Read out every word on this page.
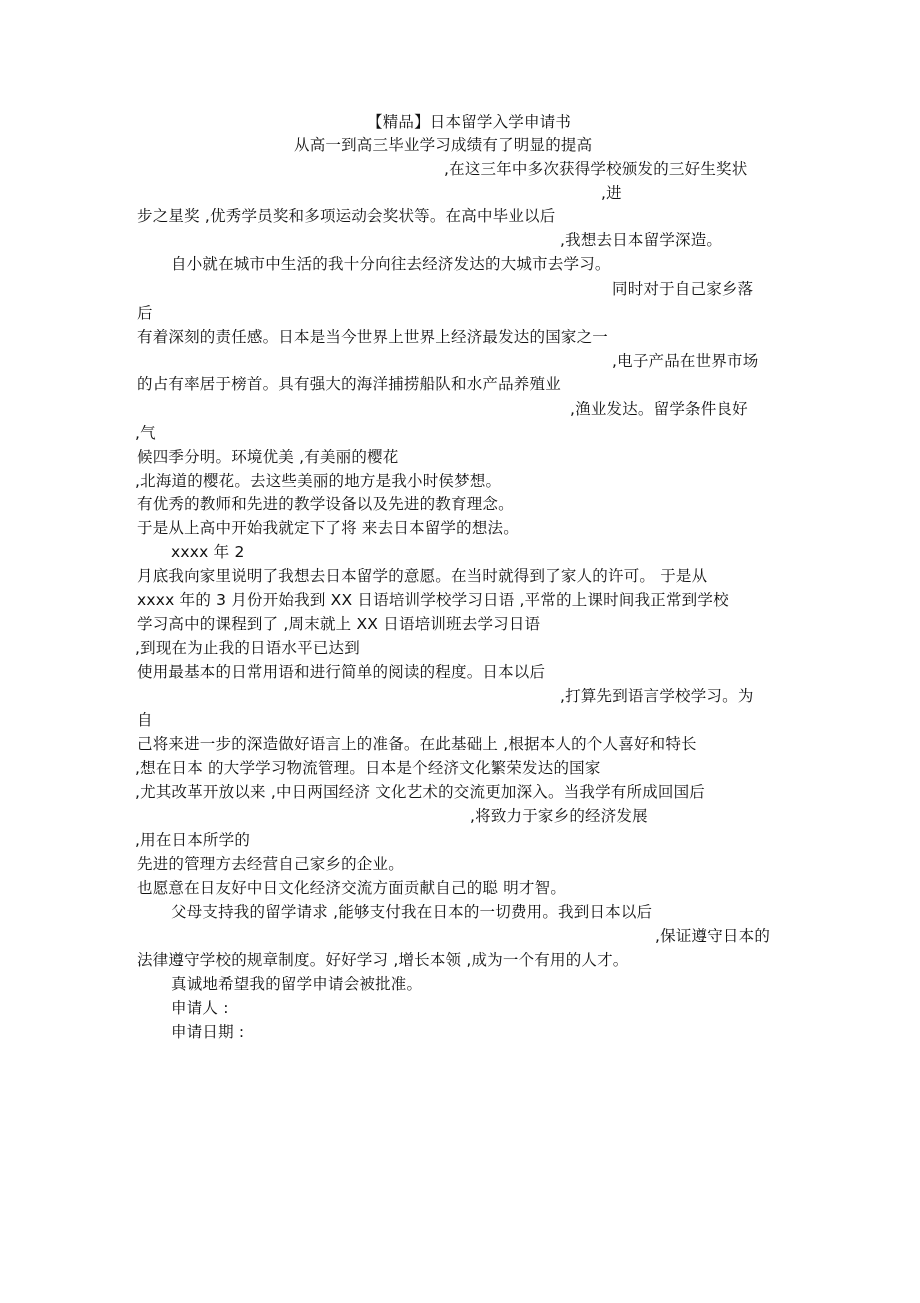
【精品】日本留学入学申请书
从高一到高三毕业学习成绩有了明显的提高
,在这三年中多次获得学校颁发的三好生奖状
,进
步之星奖 ,优秀学员奖和多项运动会奖状等。在高中毕业以后
,我想去日本留学深造。
自小就在城市中生活的我十分向往去经济发达的大城市去学习。
同时对于自己家乡落
后
有着深刻的责任感。日本是当今世界上世界上经济最发达的国家之一
,电子产品在世界市场
的占有率居于榜首。具有强大的海洋捕捞船队和水产品养殖业
,渔业发达。留学条件良好
,气
候四季分明。环境优美 ,有美丽的樱花
,北海道的樱花。去这些美丽的地方是我小时侯梦想。
有优秀的教师和先进的教学设备以及先进的教育理念。
于是从上高中开始我就定下了将 来去日本留学的想法。
xxxx 年 2
月底我向家里说明了我想去日本留学的意愿。在当时就得到了家人的许可。 于是从
xxxx 年的 3 月份开始我到 XX 日语培训学校学习日语 ,平常的上课时间我正常到学校
学习高中的课程到了 ,周末就上 XX 日语培训班去学习日语
,到现在为止我的日语水平已达到
使用最基本的日常用语和进行简单的阅读的程度。日本以后
,打算先到语言学校学习。为
自
己将来进一步的深造做好语言上的准备。在此基础上 ,根据本人的个人喜好和特长
,想在日本 的大学学习物流管理。日本是个经济文化繁荣发达的国家
,尤其改革开放以来 ,中日两国经济 文化艺术的交流更加深入。当我学有所成回国后
,将致力于家乡的经济发展
,用在日本所学的
先进的管理方去经营自己家乡的企业。
也愿意在日友好中日文化经济交流方面贡献自己的聪 明才智。
父母支持我的留学请求 ,能够支付我在日本的一切费用。我到日本以后
,保证遵守日本的
法律遵守学校的规章制度。好好学习 ,增长本领 ,成为一个有用的人才。
真诚地希望我的留学申请会被批准。
申请人 :
申请日期 :
